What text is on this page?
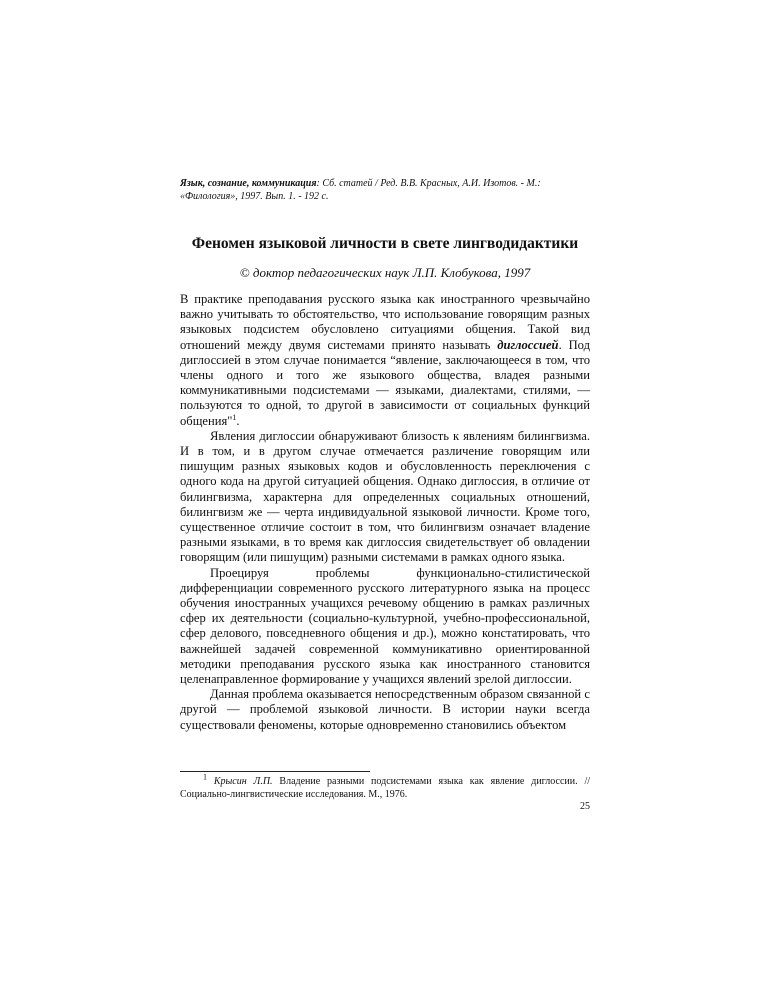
Язык, сознание, коммуникация: Сб. статей / Ред. В.В. Красных, А.И. Изотов. - М.: «Филология», 1997. Вып. 1. - 192 с.
Феномен языковой личности в свете лингводидактики
© доктор педагогических наук Л.П. Клобукова, 1997

В практике преподавания русского языка как иностранного чрезвычайно важно учитывать то обстоятельство, что использование говорящим разных языковых подсистем обусловлено ситуациями общения. Такой вид отношений между двумя системами принято называть диглоссией. Под диглоссией в этом случае понимается “явление, заключающееся в том, что члены одного и того же языкового общества, владея разными коммуникативными подсистемами — языками, диалектами, стилями, — пользуются то одной, то другой в зависимости от социальных функций общения"$^1$.

Явления диглоссии обнаруживают близость к явлениям билингвизма. И в том, и в другом случае отмечается различение говорящим или пишущим разных языковых кодов и обусловленность переключения с одного кода на другой ситуацией общения. Однако диглоссия, в отличие от билингвизма, характерна для определенных социальных отношений, билингвизм же — черта индивидуальной языковой личности. Кроме того, существенное отличие состоит в том, что билингвизм означает владение разными языками, в то время как диглоссия свидетельствует об овладении говорящим (или пишущим) разными системами в рамках одного языка.

Проецируя проблемы функционально-стилистической дифференциации современного русского литературного языка на процесс обучения иностранных учащихся речевому общению в рамках различных сфер их деятельности (социально-культурной, учебно-профессиональной, сфер делового, повседневного общения и др.), можно констатировать, что важнейшей задачей современной коммуникативно ориентированной методики преподавания русского языка как иностранного становится целенаправленное формирование у учащихся явлений зрелой диглоссии.

Данная проблема оказывается непосредственным образом связанной с другой — проблемой языковой личности. В истории науки всегда существовали феномены, которые одновременно становились объектом

$^1$ Крысин Л.П. Владение разными подсистемами языка как явление диглоссии. // Социально-лингвистические исследования. М., 1976.
25
